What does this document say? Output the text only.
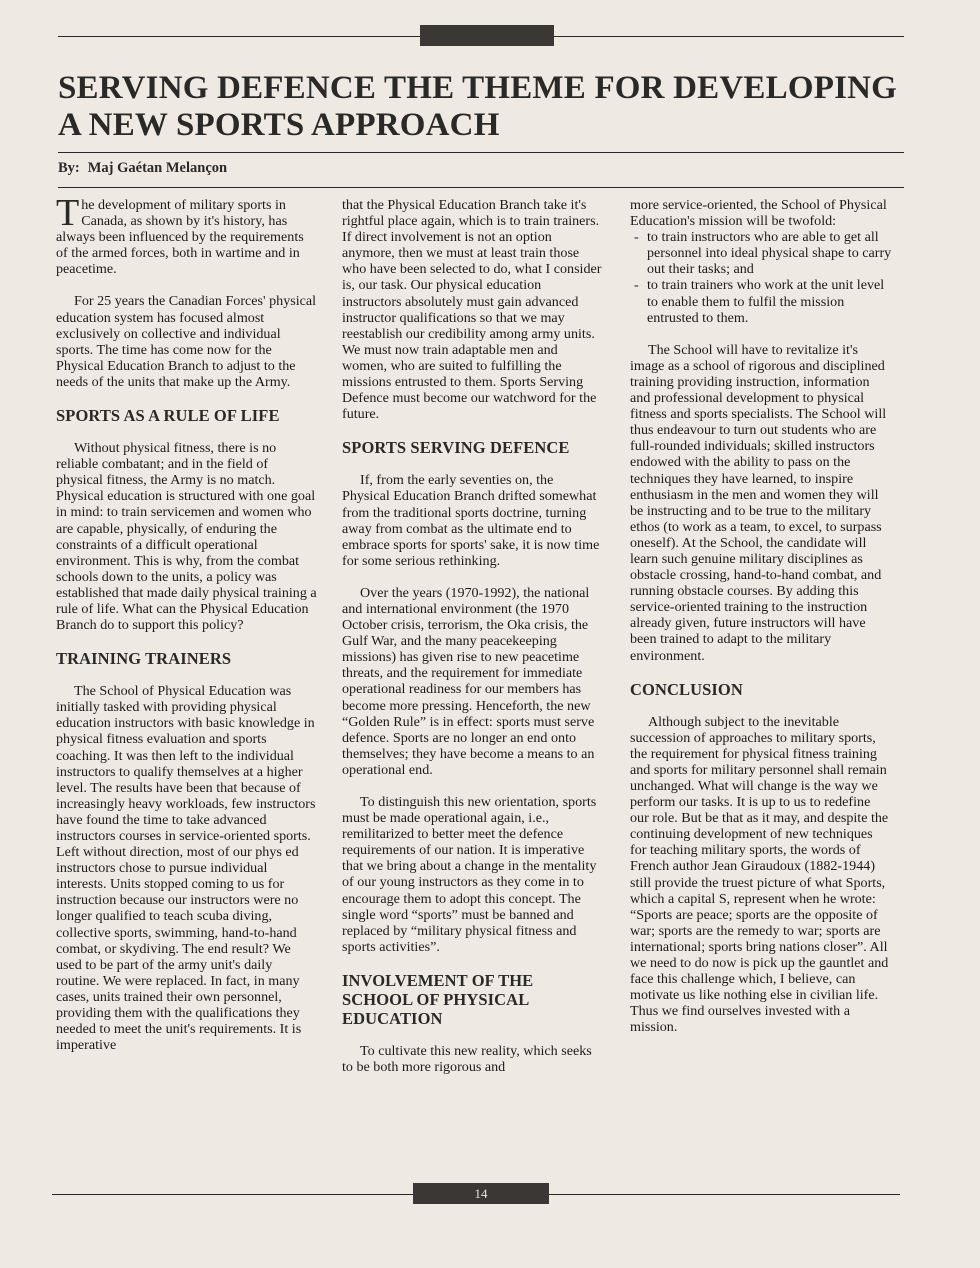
SERVING DEFENCE THE THEME FOR DEVELOPING A NEW SPORTS APPROACH

By: Maj Gaétan Melançon

The development of military sports in Canada, as shown by it's history, has always been influenced by the requirements of the armed forces, both in wartime and in peacetime.

For 25 years the Canadian Forces' physical education system has focused almost exclusively on collective and individual sports. The time has come now for the Physical Education Branch to adjust to the needs of the units that make up the Army.

SPORTS AS A RULE OF LIFE

Without physical fitness, there is no reliable combatant; and in the field of physical fitness, the Army is no match. Physical education is structured with one goal in mind: to train servicemen and women who are capable, physically, of enduring the constraints of a difficult operational environment. This is why, from the combat schools down to the units, a policy was established that made daily physical training a rule of life. What can the Physical Education Branch do to support this policy?

TRAINING TRAINERS

The School of Physical Education was initially tasked with providing physical education instructors with basic knowledge in physical fitness evaluation and sports coaching. It was then left to the individual instructors to qualify themselves at a higher level. The results have been that because of increasingly heavy workloads, few instructors have found the time to take advanced instructors courses in service-oriented sports. Left without direction, most of our phys ed instructors chose to pursue individual interests. Units stopped coming to us for instruction because our instructors were no longer qualified to teach scuba diving, collective sports, swimming, hand-to-hand combat, or skydiving. The end result? We used to be part of the army unit's daily routine. We were replaced. In fact, in many cases, units trained their own personnel, providing them with the qualifications they needed to meet the unit's requirements. It is imperative

that the Physical Education Branch take it's rightful place again, which is to train trainers. If direct involvement is not an option anymore, then we must at least train those who have been selected to do, what I consider is, our task. Our physical education instructors absolutely must gain advanced instructor qualifications so that we may reestablish our credibility among army units. We must now train adaptable men and women, who are suited to fulfilling the missions entrusted to them. Sports Serving Defence must become our watchword for the future.

SPORTS SERVING DEFENCE

If, from the early seventies on, the Physical Education Branch drifted somewhat from the traditional sports doctrine, turning away from combat as the ultimate end to embrace sports for sports' sake, it is now time for some serious rethinking.

Over the years (1970-1992), the national and international environment (the 1970 October crisis, terrorism, the Oka crisis, the Gulf War, and the many peacekeeping missions) has given rise to new peacetime threats, and the requirement for immediate operational readiness for our members has become more pressing. Henceforth, the new “Golden Rule” is in effect: sports must serve defence. Sports are no longer an end onto themselves; they have become a means to an operational end.

To distinguish this new orientation, sports must be made operational again, i.e., remilitarized to better meet the defence requirements of our nation. It is imperative that we bring about a change in the mentality of our young instructors as they come in to encourage them to adopt this concept. The single word “sports” must be banned and replaced by “military physical fitness and sports activities”.

INVOLVEMENT OF THE SCHOOL OF PHYSICAL EDUCATION

To cultivate this new reality, which seeks to be both more rigorous and

more service-oriented, the School of Physical Education's mission will be twofold:

- to train instructors who are able to get all personnel into ideal physical shape to carry out their tasks; and
- to train trainers who work at the unit level to enable them to fulfil the mission entrusted to them.

The School will have to revitalize it's image as a school of rigorous and disciplined training providing instruction, information and professional development to physical fitness and sports specialists. The School will thus endeavour to turn out students who are full-rounded individuals; skilled instructors endowed with the ability to pass on the techniques they have learned, to inspire enthusiasm in the men and women they will be instructing and to be true to the military ethos (to work as a team, to excel, to surpass oneself). At the School, the candidate will learn such genuine military disciplines as obstacle crossing, hand-to-hand combat, and running obstacle courses. By adding this service-oriented training to the instruction already given, future instructors will have been trained to adapt to the military environment.

CONCLUSION

Although subject to the inevitable succession of approaches to military sports, the requirement for physical fitness training and sports for military personnel shall remain unchanged. What will change is the way we perform our tasks. It is up to us to redefine our role. But be that as it may, and despite the continuing development of new techniques for teaching military sports, the words of French author Jean Giraudoux (1882-1944) still provide the truest picture of what Sports, which a capital S, represent when he wrote: “Sports are peace; sports are the opposite of war; sports are the remedy to war; sports are international; sports bring nations closer”. All we need to do now is pick up the gauntlet and face this challenge which, I believe, can motivate us like nothing else in civilian life. Thus we find ourselves invested with a mission.

14
